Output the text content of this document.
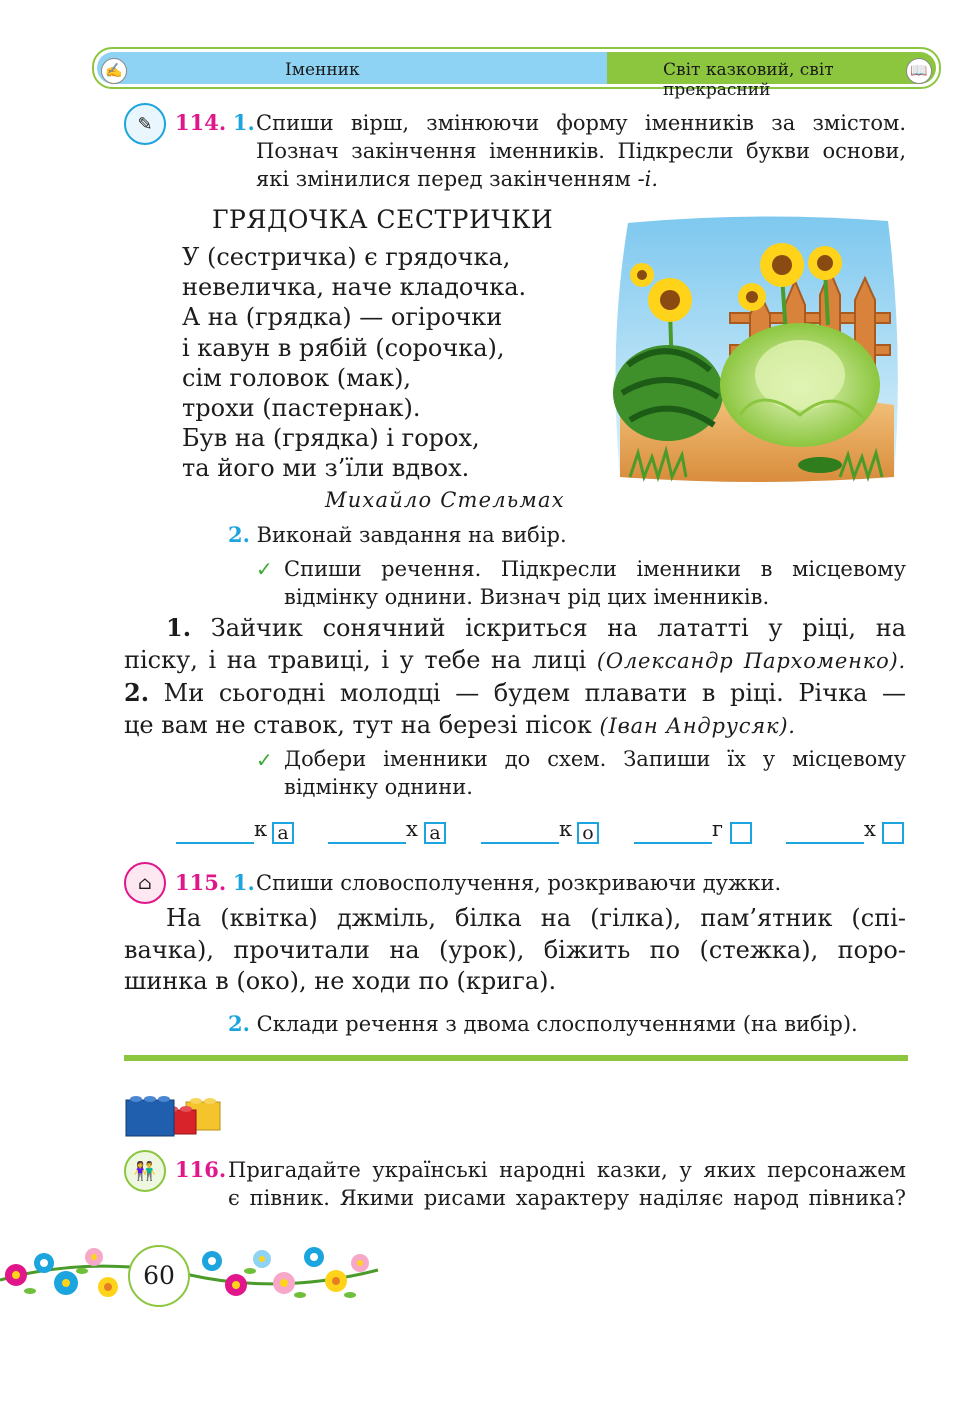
✍	Іменник	Світ казковий, світ прекрасний
📖
✎	114. 1. Спиши вірш, змінюючи форму іменників за змістом.
Познач закінчення іменників. Підкресли букви основи,
які змінилися перед закінченням -і.
ГРЯДОЧКА СЕСТРИЧКИ
У (сестричка) є грядочка,
невеличка, наче кладочка.
А на (грядка) — огірочки
і кавун в рябій (сорочка),
сім головок (мак),
трохи (пастернак).
Був на (грядка) і горох,
та його ми з’їли вдвох.
Михайло Стельмах
2. Виконай завдання на вибір.
✓ Спиши речення. Підкресли іменники в місцевому
відмінку однини. Визнач рід цих іменників.
1. Зайчик сонячний іскриться на лататті у ріці, на
піску, і на травиці, і у тебе на лиці (Олександр Пархоменко).
2. Ми сьогодні молодці — будем плавати в ріці. Річка —
це вам не ставок, тут на березі пісок (Іван Андрусяк).
✓ Добери іменники до схем. Запиши їх у місцевому
відмінку однини.
к а	х а	к о	г	х
⌂	115. 1. Спиши словосполучення, розкриваючи дужки.
На (квітка) джміль, білка на (гілка), пам’ятник (спі-
вачка), прочитали на (урок), біжить по (стежка), поро-
шинка в (око), не ходи по (крига).
2. Склади речення з двома слосполученнями (на вибір).
👫 116. Пригадайте українські народні казки, у яких персонажем
є півник. Якими рисами характеру наділяє народ півника?
60
